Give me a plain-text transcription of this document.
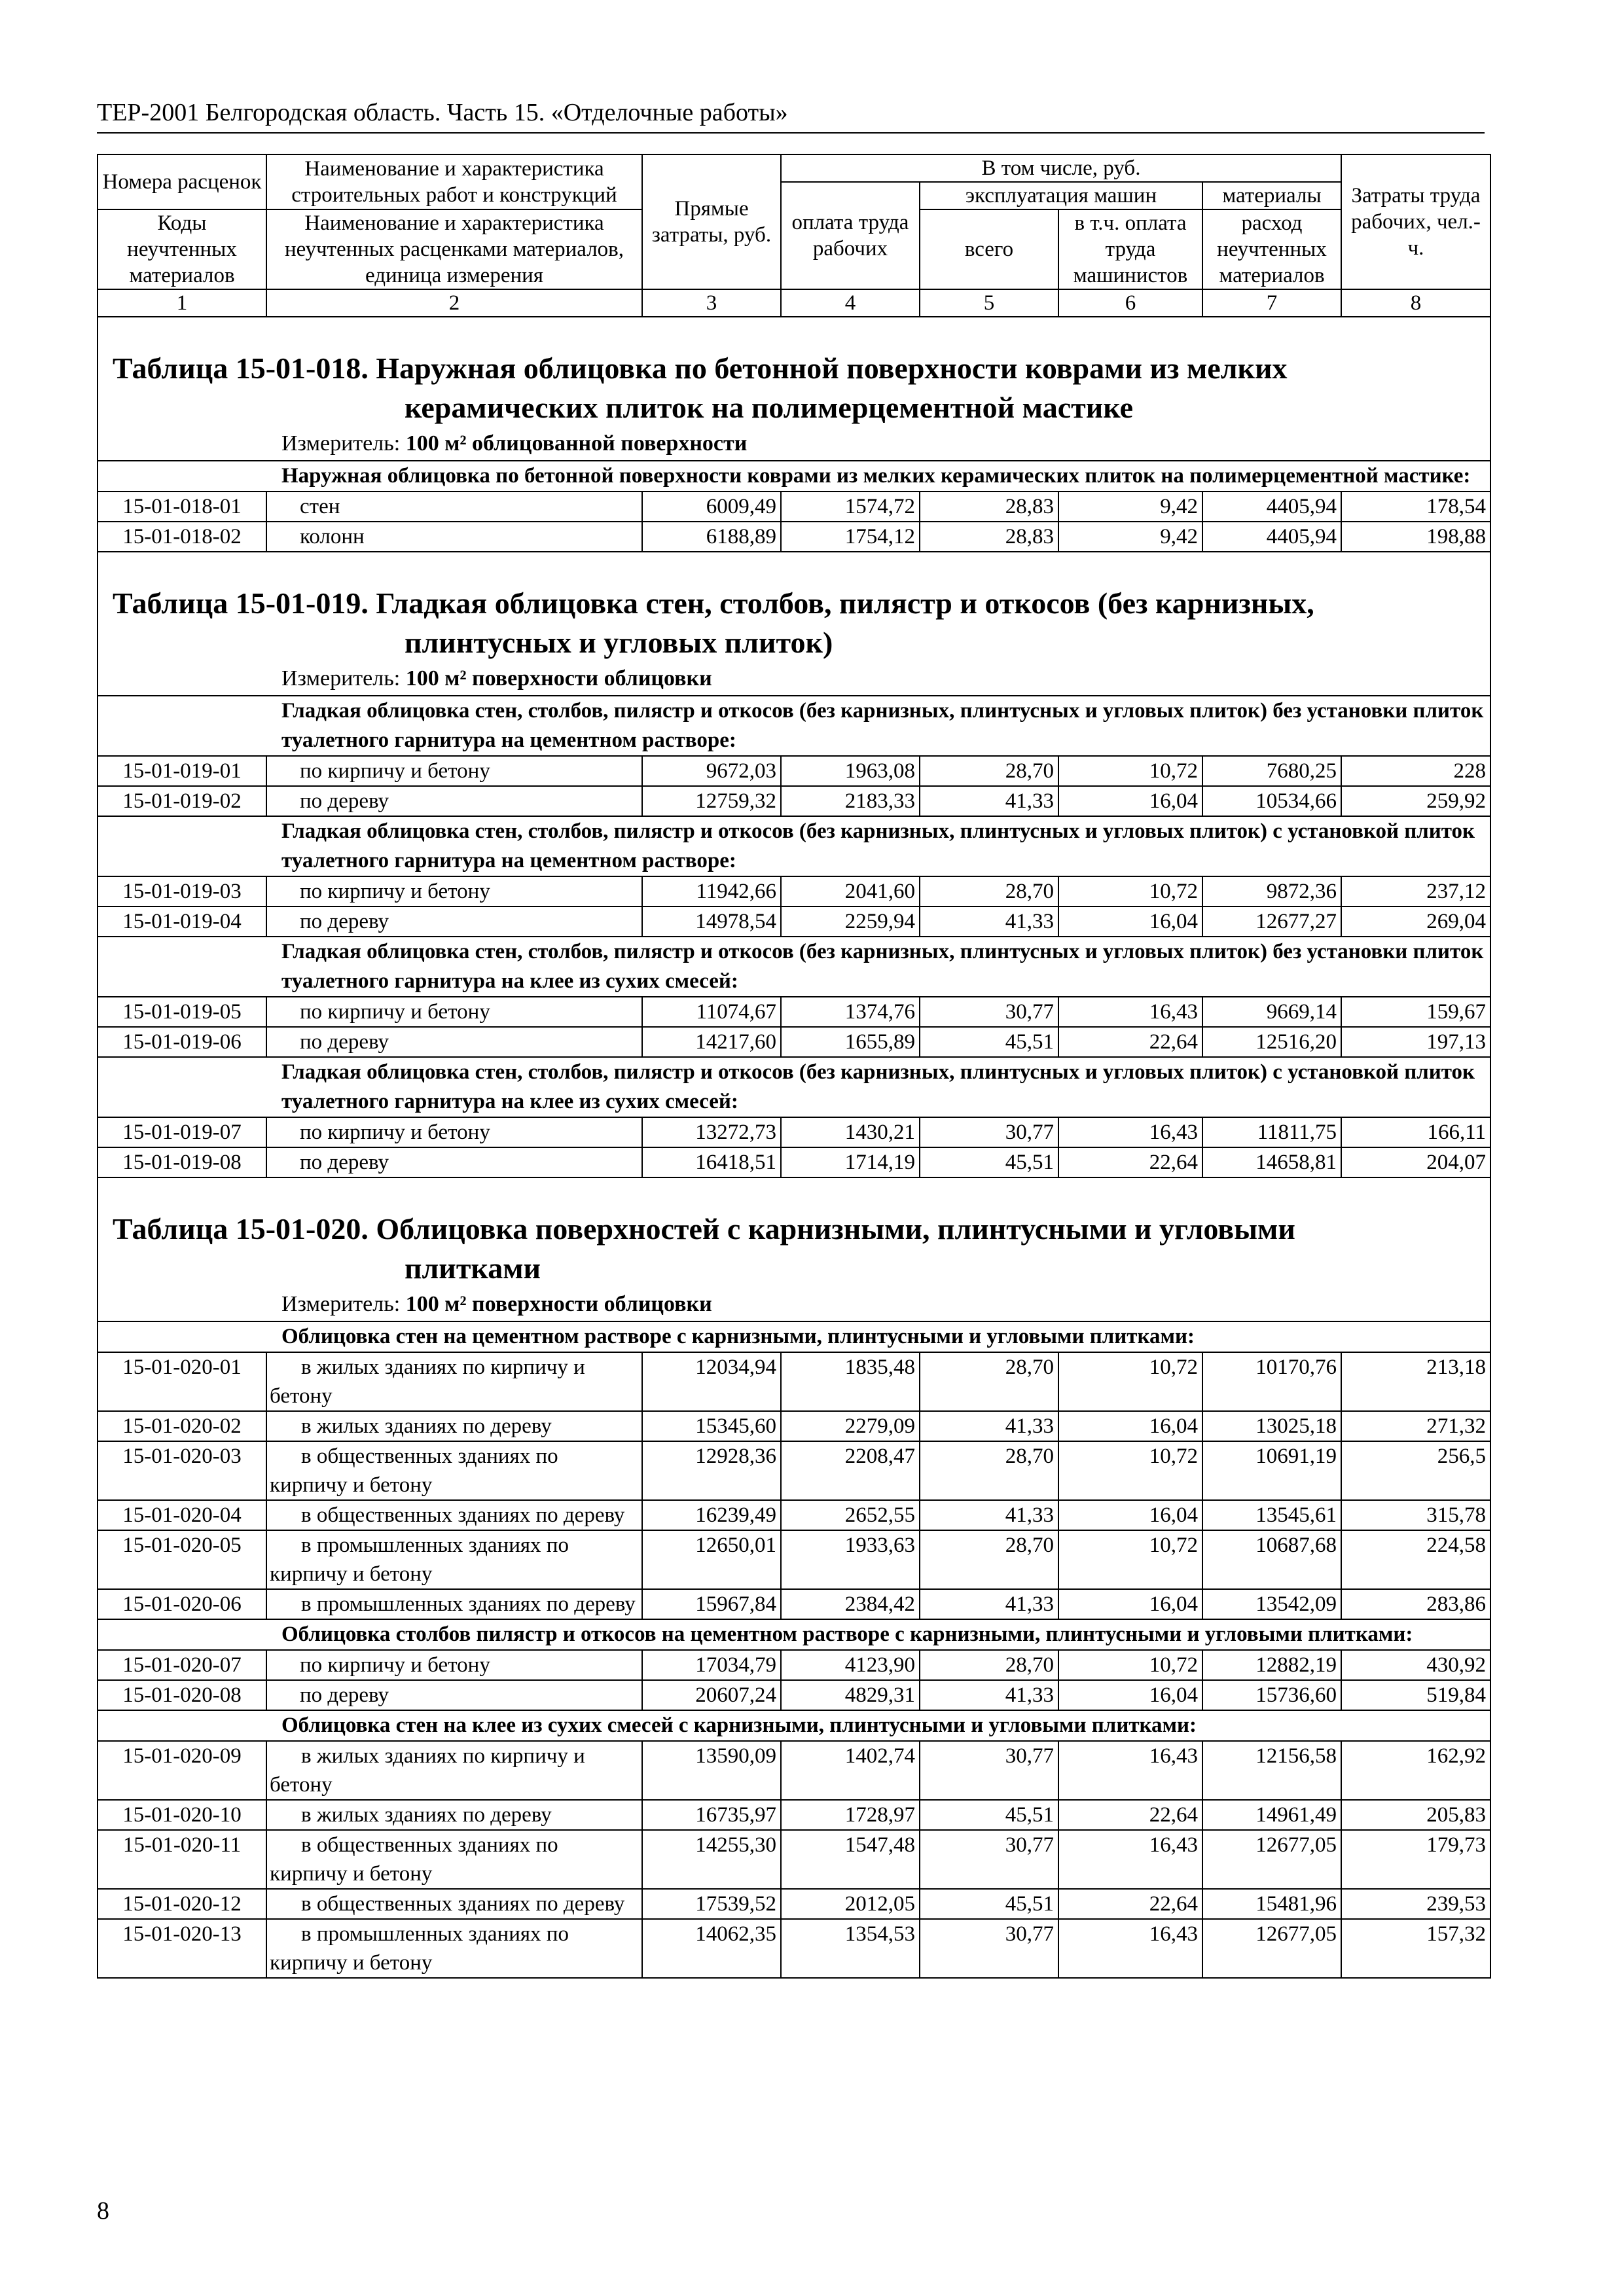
ТЕР-2001 Белгородская область. Часть 15. «Отделочные работы»
Номера расценок	Наименование и характеристика строительных работ и конструкций	Прямые затраты, руб.	В том числе, руб.				Затраты труда рабочих, чел.-ч.
			оплата труда рабочих	эксплуатация машин		материалы	
Коды неучтенных материалов	Наименование и характеристика неучтенных расценками материалов, единица измерения			всего	в т.ч. оплата труда машинистов	расход неучтенных материалов	

1	2	3	4	5	6	7	8
Таблица 15-01-018. Наружная облицовка по бетонной поверхности коврами из мелких
керамических плиток на полимерцементной мастике							

Измеритель: 100 м² облицованной поверхности							
Наружная облицовка по бетонной поверхности коврами из мелких керамических плиток на полимерцементной мастике:							
15-01-018-01	стен	6009,49	1574,72	28,83	9,42	4405,94	178,54
15-01-018-02	колонн	6188,89	1754,12	28,83	9,42	4405,94	198,88
Таблица 15-01-019. Гладкая облицовка стен, столбов, пилястр и откосов (без карнизных,
плинтусных и угловых плиток)							

Измеритель: 100 м² поверхности облицовки							
Гладкая облицовка стен, столбов, пилястр и откосов (без карнизных, плинтусных и угловых плиток) без установки плиток туалетного гарнитура на цементном растворе:							
15-01-019-01	по кирпичу и бетону	9672,03	1963,08	28,70	10,72	7680,25	228
15-01-019-02	по дереву	12759,32	2183,33	41,33	16,04	10534,66	259,92
Гладкая облицовка стен, столбов, пилястр и откосов (без карнизных, плинтусных и угловых плиток) с установкой плиток туалетного гарнитура на цементном растворе:							
15-01-019-03	по кирпичу и бетону	11942,66	2041,60	28,70	10,72	9872,36	237,12
15-01-019-04	по дереву	14978,54	2259,94	41,33	16,04	12677,27	269,04
Гладкая облицовка стен, столбов, пилястр и откосов (без карнизных, плинтусных и угловых плиток) без установки плиток туалетного гарнитура на клее из сухих смесей:							
15-01-019-05	по кирпичу и бетону	11074,67	1374,76	30,77	16,43	9669,14	159,67
15-01-019-06	по дереву	14217,60	1655,89	45,51	22,64	12516,20	197,13
Гладкая облицовка стен, столбов, пилястр и откосов (без карнизных, плинтусных и угловых плиток) с установкой плиток туалетного гарнитура на клее из сухих смесей:							
15-01-019-07	по кирпичу и бетону	13272,73	1430,21	30,77	16,43	11811,75	166,11
15-01-019-08	по дереву	16418,51	1714,19	45,51	22,64	14658,81	204,07
Таблица 15-01-020. Облицовка поверхностей с карнизными, плинтусными и угловыми
плитками							

Измеритель: 100 м² поверхности облицовки							
Облицовка стен на цементном растворе с карнизными, плинтусными и угловыми плитками:							
15-01-020-01	в жилых зданиях по кирпичу и бетону	12034,94	1835,48	28,70	10,72	10170,76	213,18
15-01-020-02	в жилых зданиях по дереву	15345,60	2279,09	41,33	16,04	13025,18	271,32
15-01-020-03	в общественных зданиях по кирпичу и бетону	12928,36	2208,47	28,70	10,72	10691,19	256,5
15-01-020-04	в общественных зданиях по дереву	16239,49	2652,55	41,33	16,04	13545,61	315,78
15-01-020-05	в промышленных зданиях по кирпичу и бетону	12650,01	1933,63	28,70	10,72	10687,68	224,58
15-01-020-06	в промышленных зданиях по дереву	15967,84	2384,42	41,33	16,04	13542,09	283,86
Облицовка столбов пилястр и откосов на цементном растворе с карнизными, плинтусными и угловыми плитками:							
15-01-020-07	по кирпичу и бетону	17034,79	4123,90	28,70	10,72	12882,19	430,92
15-01-020-08	по дереву	20607,24	4829,31	41,33	16,04	15736,60	519,84
Облицовка стен на клее из сухих смесей с карнизными, плинтусными и угловыми плитками:							
15-01-020-09	в жилых зданиях по кирпичу и бетону	13590,09	1402,74	30,77	16,43	12156,58	162,92
15-01-020-10	в жилых зданиях по дереву	16735,97	1728,97	45,51	22,64	14961,49	205,83
15-01-020-11	в общественных зданиях по кирпичу и бетону	14255,30	1547,48	30,77	16,43	12677,05	179,73
15-01-020-12	в общественных зданиях по дереву	17539,52	2012,05	45,51	22,64	15481,96	239,53
15-01-020-13	в промышленных зданиях по кирпичу и бетону	14062,35	1354,53	30,77	16,43	12677,05	157,32
8
